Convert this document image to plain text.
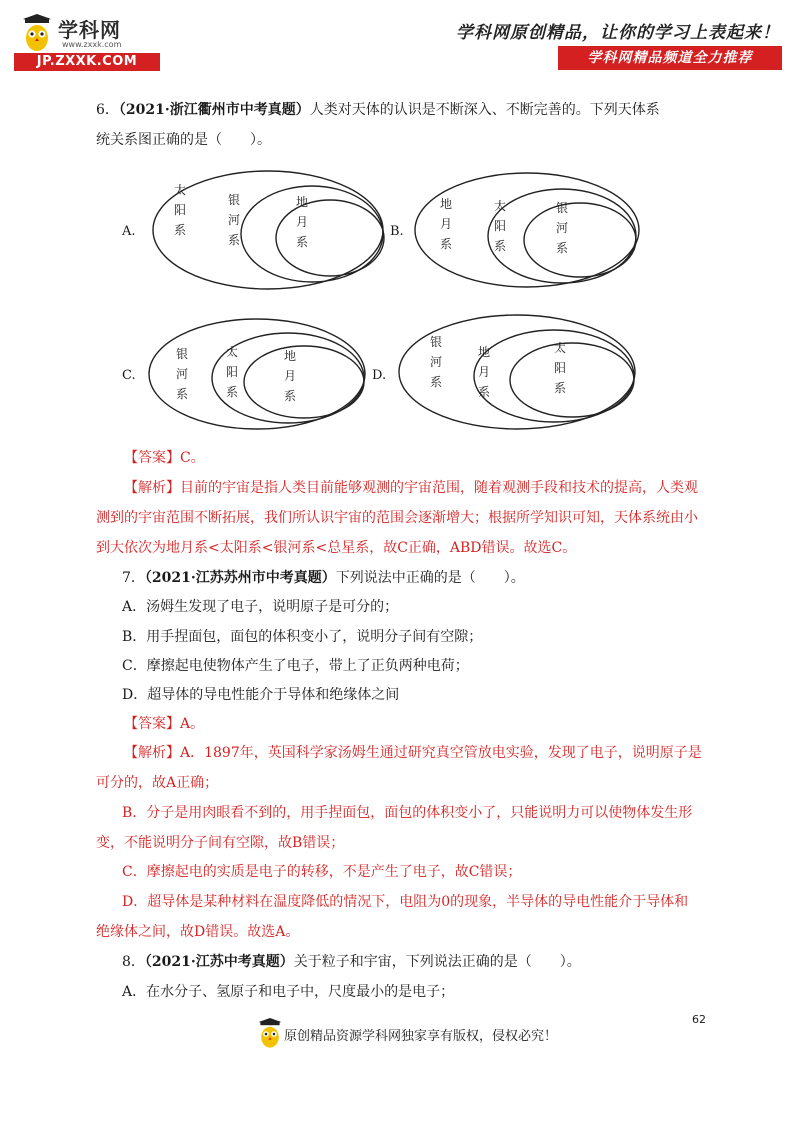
学科网
www.zxxk.com
JP.ZXXK.COM
学科网原创精品，让你的学习上表起来！
学科网精品频道全力推荐
6．（2021·浙江衢州市中考真题）人类对天体的认识是不断深入、不断完善的。下列天体系
统关系图正确的是（　　）。
A.
太
阳
系
银
河
系
地
月
系
B.
地
月
系
太
阳
系
银
河
系
C.
银
河
系
太
阳
系
地
月
系
D.
银
河
系
地
月
系
太
阳
系
【答案】C。
【解析】目前的宇宙是指人类目前能够观测的宇宙范围，随着观测手段和技术的提高，人类观
测到的宇宙范围不断拓展，我们所认识宇宙的范围会逐渐增大；根据所学知识可知，天体系统由小
到大依次为地月系<太阳系<银河系<总星系，故C正确，ABD错误。故选C。
7．（2021·江苏苏州市中考真题）下列说法中正确的是（　　）。
A．汤姆生发现了电子，说明原子是可分的；
B．用手捏面包，面包的体积变小了，说明分子间有空隙；
C．摩擦起电使物体产生了电子，带上了正负两种电荷；
D．超导体的导电性能介于导体和绝缘体之间
【答案】A。
【解析】A．1897年，英国科学家汤姆生通过研究真空管放电实验，发现了电子，说明原子是
可分的，故A正确；
B．分子是用肉眼看不到的，用手捏面包，面包的体积变小了，只能说明力可以使物体发生形
变，不能说明分子间有空隙，故B错误；
C．摩擦起电的实质是电子的转移，不是产生了电子，故C错误；
D．超导体是某种材料在温度降低的情况下，电阻为0的现象，半导体的导电性能介于导体和
绝缘体之间，故D错误。故选A。
8．（2021·江苏中考真题）关于粒子和宇宙，下列说法正确的是（　　）。
A．在水分子、氢原子和电子中，尺度最小的是电子；
62
原创精品资源学科网独家享有版权，侵权必究！
